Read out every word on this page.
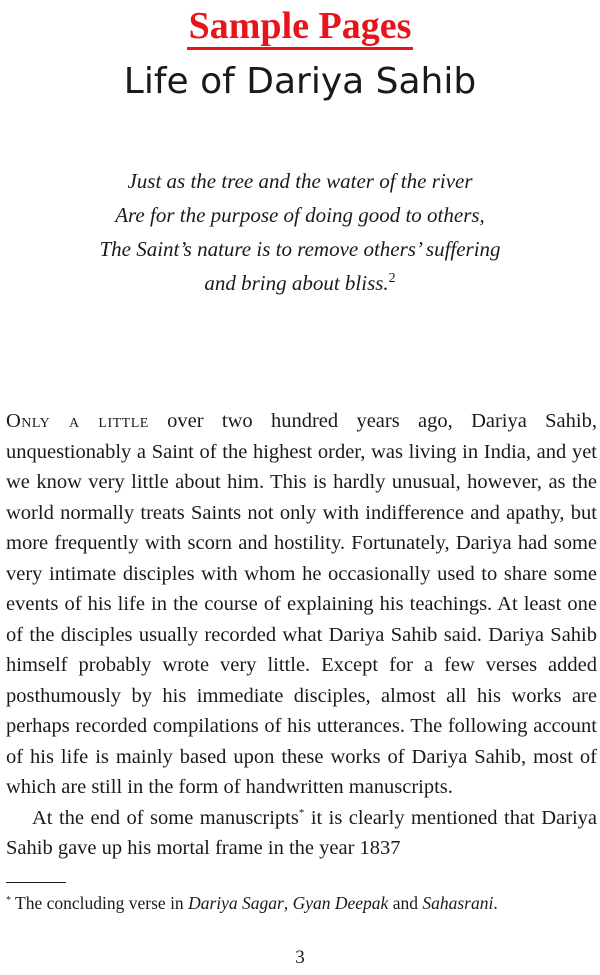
Sample Pages
Life of Dariya Sahib
Just as the tree and the water of the river
Are for the purpose of doing good to others,
The Saint’s nature is to remove others’ suffering
and bring about bliss.$^2$

Only a little over two hundred years ago, Dariya Sahib, unquestionably a Saint of the highest order, was living in India, and yet we know very little about him. This is hardly unusual, however, as the world normally treats Saints not only with indifference and apathy, but more frequently with scorn and hostility. Fortunately, Dariya had some very intimate disciples with whom he occasionally used to share some events of his life in the course of explaining his teachings. At least one of the disciples usually recorded what Dariya Sahib said. Dariya Sahib himself probably wrote very little. Except for a few verses added posthumously by his immediate disciples, almost all his works are perhaps recorded compilations of his utterances. The following account of his life is mainly based upon these works of Dariya Sahib, most of which are still in the form of handwritten manuscripts.

At the end of some manuscripts* it is clearly mentioned that Dariya Sahib gave up his mortal frame in the year 1837

* The concluding verse in Dariya Sagar, Gyan Deepak and Sahasrani.
3
